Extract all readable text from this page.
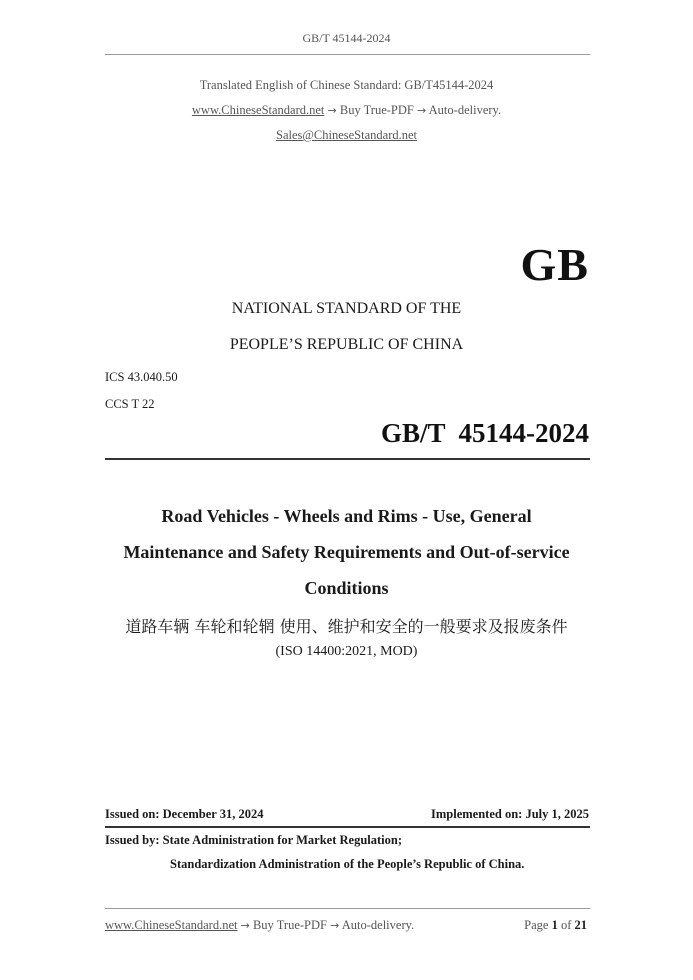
GB/T 45144-2024
Translated English of Chinese Standard: GB/T45144-2024
www.ChineseStandard.net → Buy True-PDF → Auto-delivery.
Sales@ChineseStandard.net
GB
NATIONAL STANDARD OF THE
PEOPLE’S REPUBLIC OF CHINA
ICS 43.040.50
CCS T 22
GB/T  45144-2024
Road Vehicles - Wheels and Rims - Use, General
Maintenance and Safety Requirements and Out-of-service
Conditions
道路车辆 车轮和轮辋 使用、维护和安全的一般要求及报废条件
(ISO 14400:2021, MOD)
Issued on: December 31, 2024	Implemented on: July 1, 2025
Issued by: State Administration for Market Regulation;
Standardization Administration of the People’s Republic of China.
www.ChineseStandard.net → Buy True-PDF → Auto-delivery.	Page 1 of 21
